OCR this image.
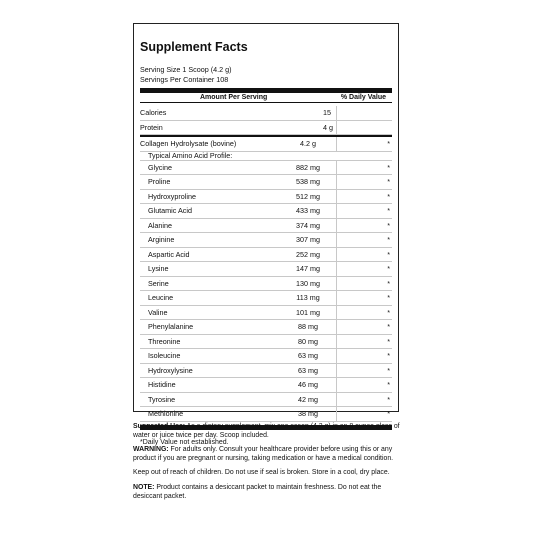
Supplement Facts
Serving Size 1 Scoop (4.2 g)
Servings Per Container 108
Amount Per Serving	% Daily Value
Calories	15
Protein	4 g
Collagen Hydrolysate (bovine)	4.2 g	*
Typical Amino Acid Profile:
Glycine	882 mg	*
Proline	538 mg	*
Hydroxyproline	512 mg	*
Glutamic Acid	433 mg	*
Alanine	374 mg	*
Arginine	307 mg	*
Aspartic Acid	252 mg	*
Lysine	147 mg	*
Serine	130 mg	*
Leucine	113 mg	*
Valine	101 mg	*
Phenylalanine	88 mg	*
Threonine	80 mg	*
Isoleucine	63 mg	*
Hydroxylysine	63 mg	*
Histidine	46 mg	*
Tyrosine	42 mg	*
Methionine	38 mg	*
*Daily Value not established.

Suggested Use: As a dietary supplement, mix one scoop (4.2 g) in an 8 ounce glass of water or juice twice per day. Scoop included.

WARNING: For adults only. Consult your healthcare provider before using this or any product if you are pregnant or nursing, taking medication or have a medical condition.

Keep out of reach of children. Do not use if seal is broken. Store in a cool, dry place.

NOTE: Product contains a desiccant packet to maintain freshness. Do not eat the desiccant packet.
